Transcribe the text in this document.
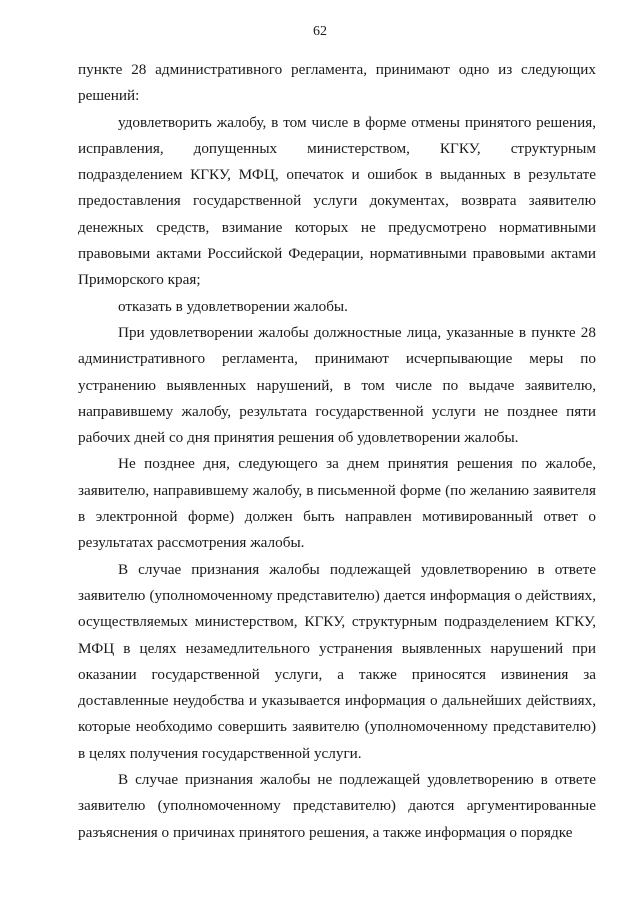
62

пункте 28 административного регламента, принимают одно из следующих решений:

удовлетворить жалобу, в том числе в форме отмены принятого решения, исправления, допущенных министерством, КГКУ, структурным подразделением КГКУ, МФЦ, опечаток и ошибок в выданных в результате предоставления государственной услуги документах, возврата заявителю денежных средств, взимание которых не предусмотрено нормативными правовыми актами Российской Федерации, нормативными правовыми актами Приморского края;

отказать в удовлетворении жалобы.

При удовлетворении жалобы должностные лица, указанные в пункте 28 административного регламента, принимают исчерпывающие меры по устранению выявленных нарушений, в том числе по выдаче заявителю, направившему жалобу, результата государственной услуги не позднее пяти рабочих дней со дня принятия решения об удовлетворении жалобы.

Не позднее дня, следующего за днем принятия решения по жалобе, заявителю, направившему жалобу, в письменной форме (по желанию заявителя в электронной форме) должен быть направлен мотивированный ответ о результатах рассмотрения жалобы.

В случае признания жалобы подлежащей удовлетворению в ответе заявителю (уполномоченному представителю) дается информация о действиях, осуществляемых министерством, КГКУ, структурным подразделением КГКУ, МФЦ в целях незамедлительного устранения выявленных нарушений при оказании государственной услуги, а также приносятся извинения за доставленные неудобства и указывается информация о дальнейших действиях, которые необходимо совершить заявителю (уполномоченному представителю) в целях получения государственной услуги.

В случае признания жалобы не подлежащей удовлетворению в ответе заявителю (уполномоченному представителю) даются аргументированные разъяснения о причинах принятого решения, а также информация о порядке
